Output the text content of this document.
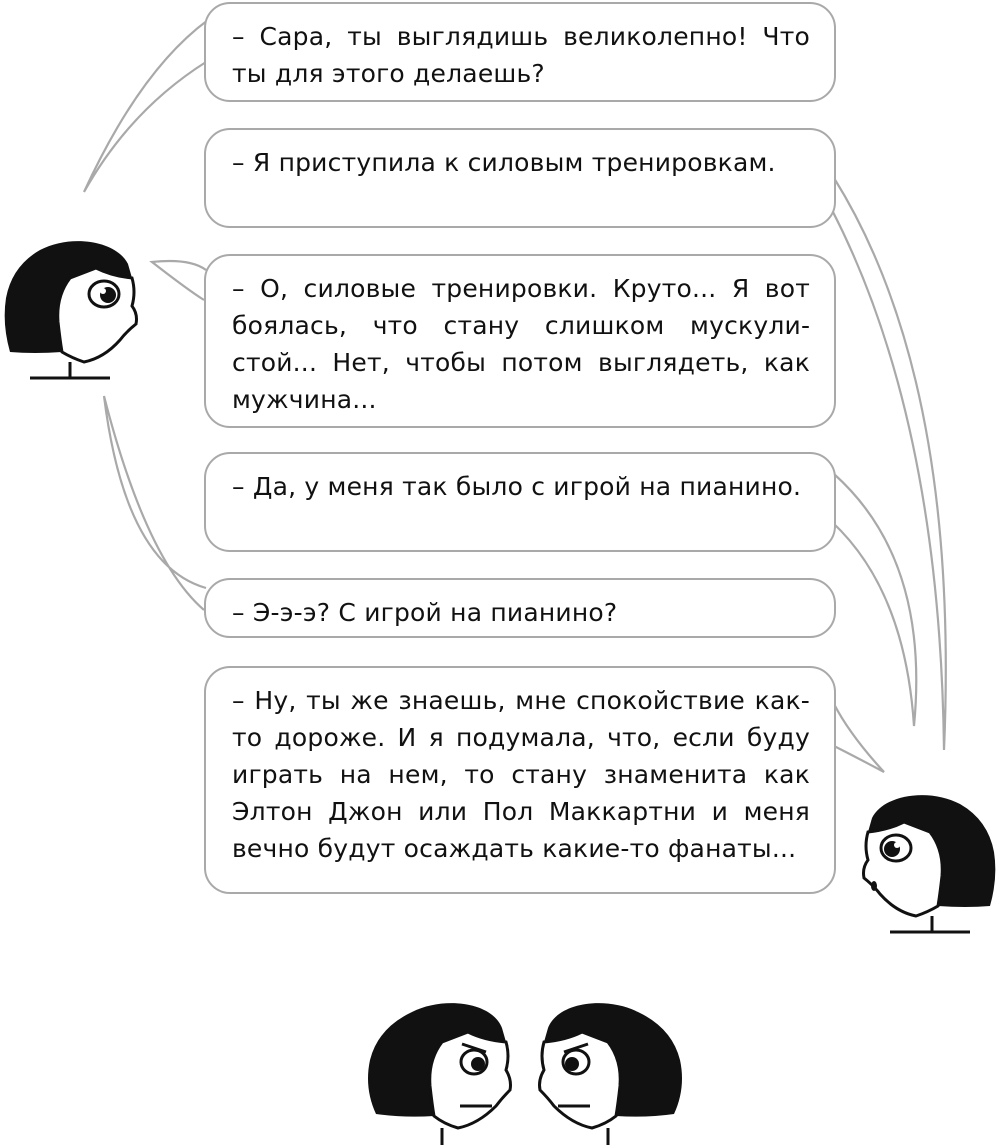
– Сара, ты выглядишь великолепно! Что ты для этого делаешь?
– Я приступила к силовым тренировкам.
– О, силовые тренировки. Круто... Я вот боялась, что стану слишком мускулистой... Нет, чтобы потом выглядеть, как мужчина...
– Да, у меня так было с игрой на пианино.
– Э-э-э? С игрой на пианино?
– Ну, ты же знаешь, мне спокойствие как-то дороже. И я подумала, что, если буду играть на нем, то стану знаменита как Элтон Джон или Пол Маккартни и меня вечно будут осаждать какие-то фанаты...
